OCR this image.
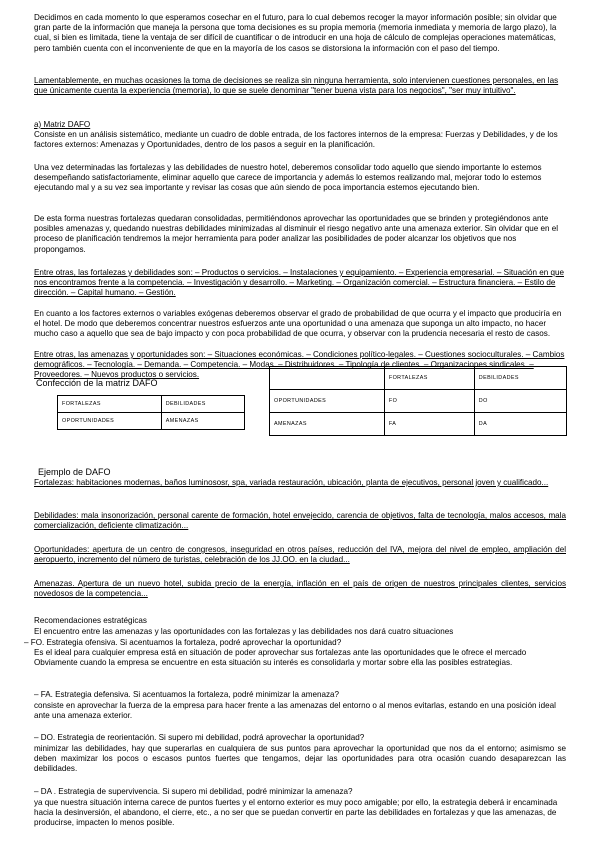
Decidimos en cada momento lo que esperamos cosechar en el futuro, para lo cual debemos recoger la mayor información posible; sin olvidar que gran parte de la información que maneja la persona que toma decisiones es su propia memoria (memoria inmediata y memoria de largo plazo), la cual, si bien es limitada, tiene la ventaja de ser difícil de cuantificar o de introducir en una hoja de cálculo de complejas operaciones matemáticas, pero también cuenta con el inconveniente de que en la mayoría de los casos se distorsiona la información con el paso del tiempo.

Lamentablemente, en muchas ocasiones la toma de decisiones se realiza sin ninguna herramienta, solo intervienen cuestiones personales, en las que únicamente cuenta la experiencia (memoria), lo que se suele denominar "tener buena vista para los negocios", "ser muy intuitivo".

a) Matriz DAFO

Consiste en un análisis sistemático, mediante un cuadro de doble entrada, de los factores internos de la empresa: Fuerzas y Debilidades, y de los factores externos: Amenazas y Oportunidades, dentro de los pasos a seguir en la planificación.

Una vez determinadas las fortalezas y las debilidades de nuestro hotel, deberemos consolidar todo aquello que siendo importante lo estemos desempeñando satisfactoriamente, eliminar aquello que carece de importancia y además lo estemos realizando mal, mejorar todo lo estemos ejecutando mal y a su vez sea importante y revisar las cosas que aún siendo de poca importancia estemos ejecutando bien.

De esta forma nuestras fortalezas quedaran consolidadas, permitiéndonos aprovechar las oportunidades que se brinden y protegiéndonos ante posibles amenazas y, quedando nuestras debilidades minimizadas al disminuir el riesgo negativo ante una amenaza exterior. Sin olvidar que en el proceso de planificación tendremos la mejor herramienta para poder analizar las posibilidades de poder alcanzar los objetivos que nos propongamos.

Entre otras, las fortalezas y debilidades son: – Productos o servicios. – Instalaciones y equipamiento. – Experiencia empresarial. – Situación en que nos encontramos frente a la competencia. – Investigación y desarrollo. – Marketing. – Organización comercial. – Estructura financiera. – Estilo de dirección. – Capital humano. – Gestión.

En cuanto a los factores externos o variables exógenas deberemos observar el grado de probabilidad de que ocurra y el impacto que produciría en el hotel. De modo que deberemos concentrar nuestros esfuerzos ante una oportunidad o una amenaza que suponga un alto impacto, no hacer mucho caso a aquello que sea de bajo impacto y con poca probabilidad de que ocurra, y observar con la prudencia necesaria el resto de casos.

Entre otras, las amenazas y oportunidades son: – Situaciones económicas. – Condiciones político-legales. – Cuestiones socioculturales. – Cambios demográficos. – Tecnología. – Demanda. – Competencia. – Modas. – Distribuidores. – Tipología de clientes. – Organizaciones sindicales. – Proveedores. – Nuevos productos o servicios.

Confección de la matriz DAFO

FORTALEZAS	DEBILIDADES
OPORTUNIDADES	AMENAZAS
	FORTALEZAS	DEBILIDADES
OPORTUNIDADES	FO	DO
AMENAZAS	FA	DA

Ejemplo de DAFO

Fortalezas: habitaciones modernas, baños luminososr, spa, variada restauración, ubicación, planta de ejecutivos, personal joven y cualificado...

Debilidades: mala insonorización, personal carente de formación, hotel envejecido, carencia de objetivos, falta de tecnología, malos accesos, mala comercialización, deficiente climatización...

Oportunidades: apertura de un centro de congresos, inseguridad en otros países, reducción del IVA, mejora del nivel de empleo, ampliación del aeropuerto, incremento del número de turistas, celebración de los JJ.OO. en la ciudad...

Amenazas. Apertura de un nuevo hotel, subida precio de la energía, inflación en el país de origen de nuestros principales clientes, servicios novedosos de la competencia...

Recomendaciones estratégicas

El encuentro entre las amenazas y las oportunidades con las fortalezas y las debilidades nos dará cuatro situaciones

– FO. Estrategia ofensiva. Si acentuamos la fortaleza, podré aprovechar la oportunidad?

Es el ideal para cualquier empresa está en situación de poder aprovechar sus fortalezas ante las oportunidades que le ofrece el mercado Obviamente cuando la empresa se encuentre en esta situación su interés es consolidarla y mortar sobre ella las posibles estrategias.

– FA. Estrategia defensiva. Si acentuamos la fortaleza, podré minimizar la amenaza?

consiste en aprovechar la fuerza de la empresa para hacer frente a las amenazas del entorno o al menos evitarlas, estando en una posición ideal ante una amenaza exterior.

– DO. Estrategia de reorientación. Si supero mi debilidad, podrá aprovechar la oportunidad?

minimizar las debilidades, hay que superarlas en cualquiera de sus puntos para aprovechar la oportunidad que nos da el entorno; asimismo se deben maximizar los pocos o escasos puntos fuertes que tengamos, dejar las oportunidades para otra ocasión cuando desaparezcan las debilidades.

– DA . Estrategia de supervivencia. Si supero mi debilidad, podré minimizar la amenaza?

ya que nuestra situación interna carece de puntos fuertes y el entorno exterior es muy poco amigable; por ello, la estrategia deberá ir encaminada hacia la desinversión, el abandono, el cierre, etc., a no ser que se puedan convertir en parte las debilidades en fortalezas y que las amenazas, de producirse, impacten lo menos posible.
